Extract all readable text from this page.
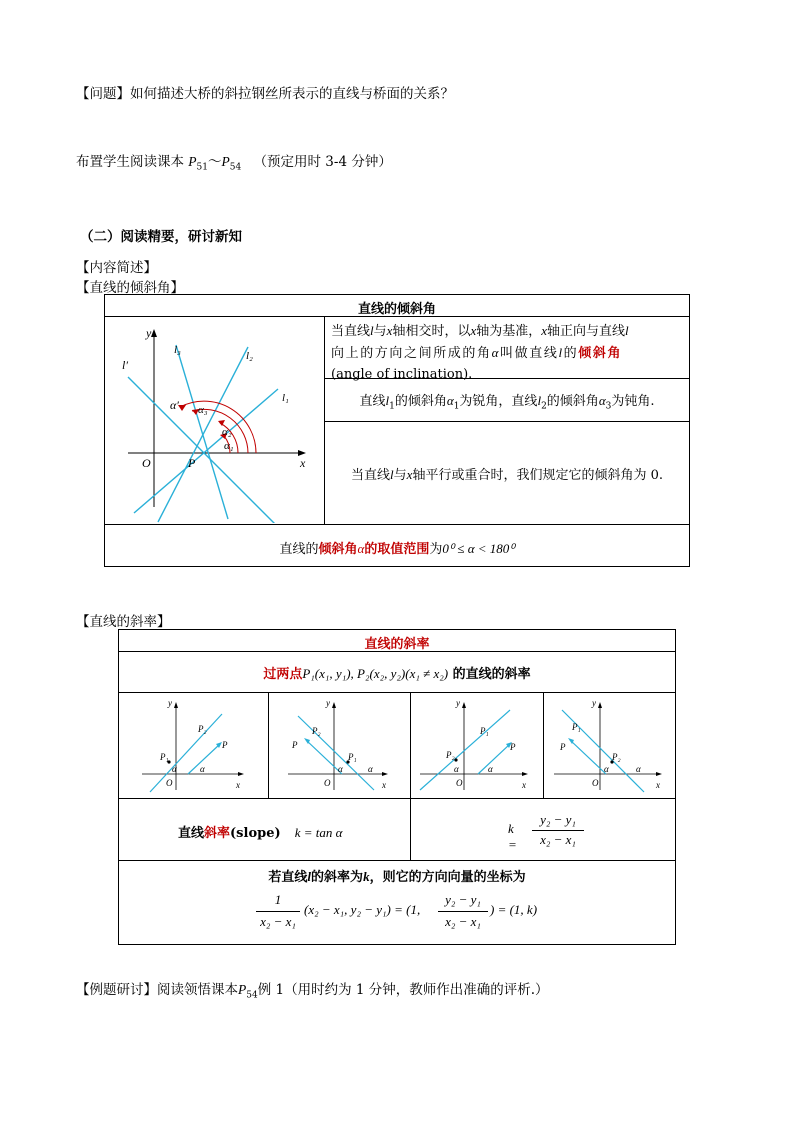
【问题】如何描述大桥的斜拉钢丝所表示的直线与桥面的关系？
布置学生阅读课本 $P_{51}\sim P_{54}$ （预定用时 3-4 分钟）
（二）阅读精要，研讨新知
【内容简述】
【直线的倾斜角】
直线的倾斜角
当直线l与x轴相交时，以x轴为基准，x轴正向与直线l
向上的方向之间所成的角α叫做直线l的倾斜角
(angle of inclination).
直线$l_1$的倾斜角$\alpha_1$为锐角，直线$l_2$的倾斜角$\alpha_3$为钝角.
当直线l与x轴平行或重合时，我们规定它的倾斜角为 0.
直线的倾斜角α的取值范围为0⁰ ≤ α < 180⁰
y
x
O	P
l′
l₃	l₂
l₁
α′ α₃
α₂
α₁
【直线的斜率】
直线的斜率
过两点P₁(x₁, y₁), P₂(x₂, y₂)(x₁ ≠ x₂) 的直线的斜率
P₁
P₂
P
α	α
y
x
O
P₁
P₂
P
α	α
y
x
O
P₂
P₁
P
α	α
y
x
O
P₂
P₁
P
α	α
y
x
O
直线斜率(slope) k = tan α	k =
y₂ − y₁
x₂ − x₁
若直线l的斜率为k，则它的方向向量的坐标为
1
x₂ − x₁
(x₂ − x₁, y₂ − y₁) = (1,
y₂ − y₁
x₂ − x₁
) = (1, k)
【例题研讨】阅读领悟课本$P_{54}$例 1（用时约为 1 分钟，教师作出准确的评析.）
